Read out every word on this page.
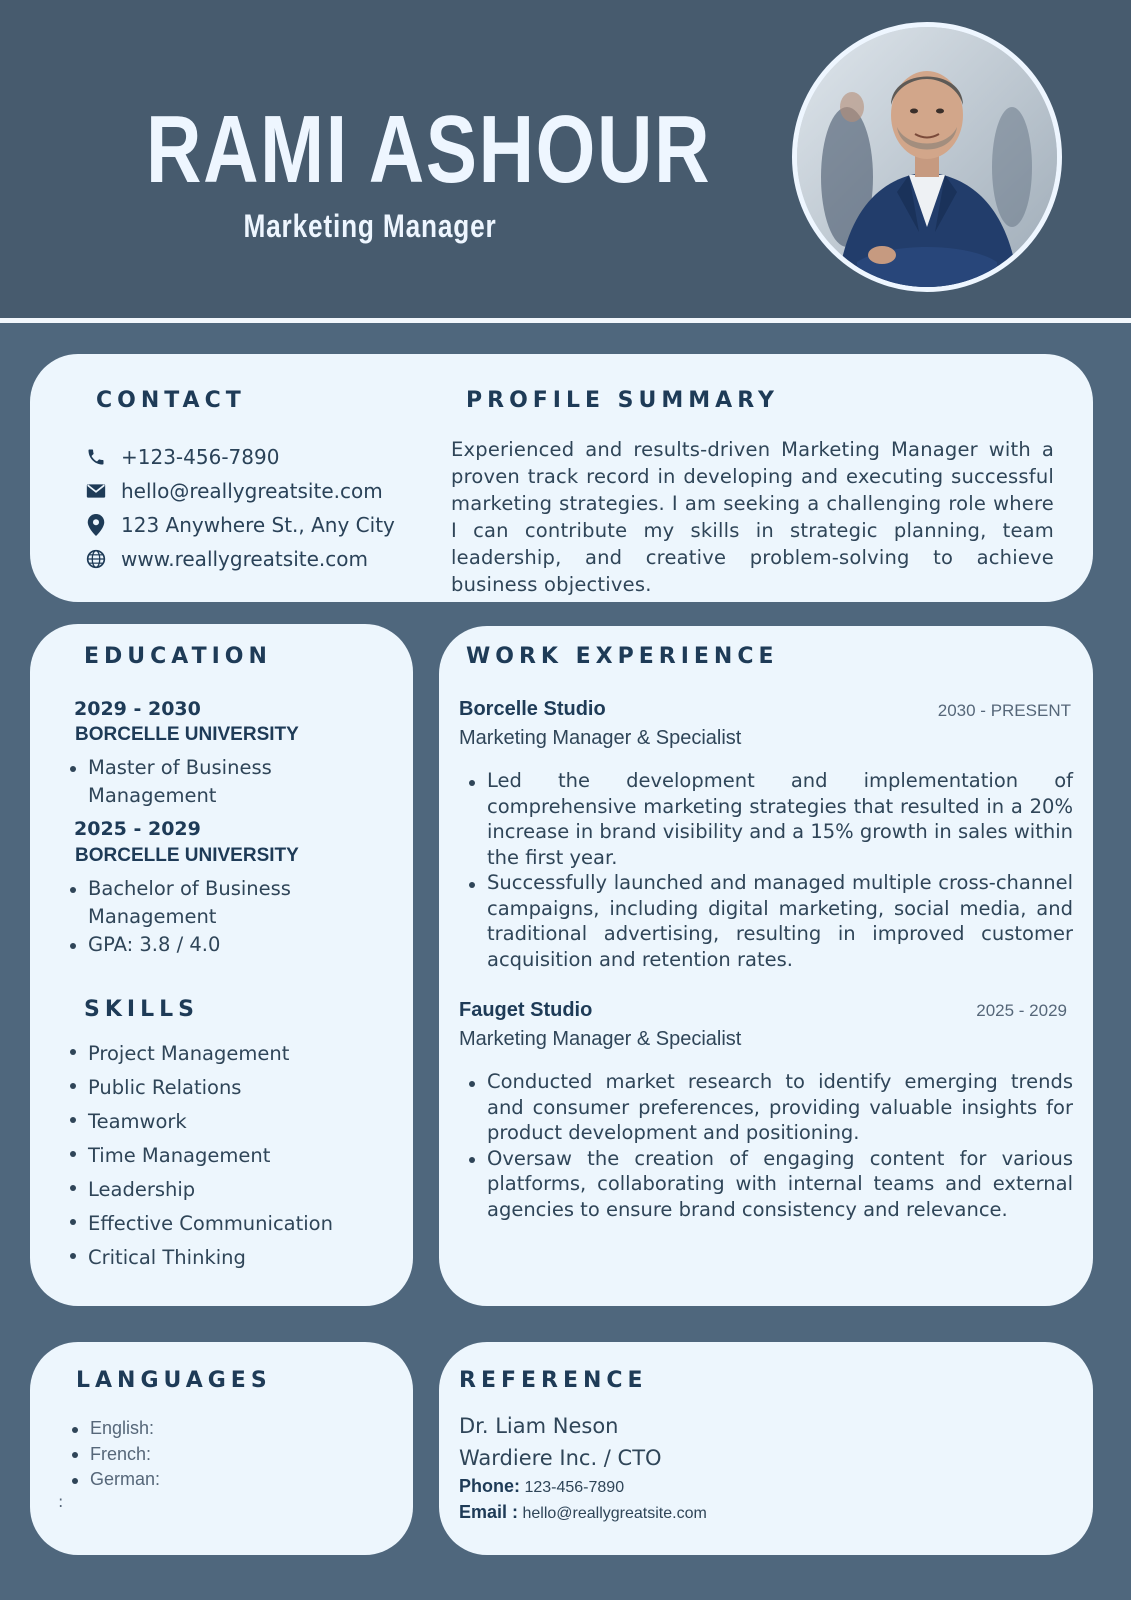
RAMI ASHOUR
Marketing Manager
CONTACT
+123-456-7890
hello@reallygreatsite.com
123 Anywhere St., Any City
www.reallygreatsite.com
PROFILE SUMMARY
Experienced and results-driven Marketing Manager with a proven track record in developing and executing successful marketing strategies. I am seeking a challenging role where I can contribute my skills in strategic planning, team leadership, and creative problem-solving to achieve business objectives.
EDUCATION
2029 - 2030
BORCELLE UNIVERSITY
Master of Business Management
2025 - 2029
BORCELLE UNIVERSITY
Bachelor of Business Management
GPA: 3.8 / 4.0
SKILLS
Project Management
Public Relations
Teamwork
Time Management
Leadership
Effective Communication
Critical Thinking
WORK EXPERIENCE
Borcelle Studio	2030 - PRESENT
Marketing Manager & Specialist
Led the development and implementation of comprehensive marketing strategies that resulted in a 20% increase in brand visibility and a 15% growth in sales within the first year.
Successfully launched and managed multiple cross-channel campaigns, including digital marketing, social media, and traditional advertising, resulting in improved customer acquisition and retention rates.
Fauget Studio	2025 - 2029
Marketing Manager & Specialist
Conducted market research to identify emerging trends and consumer preferences, providing valuable insights for product development and positioning.
Oversaw the creation of engaging content for various platforms, collaborating with internal teams and external agencies to ensure brand consistency and relevance.
LANGUAGES
English:
French:
German:
:
REFERENCE
Dr. Liam Neson
Wardiere Inc. / CTO
Phone: 123-456-7890
Email : hello@reallygreatsite.com
